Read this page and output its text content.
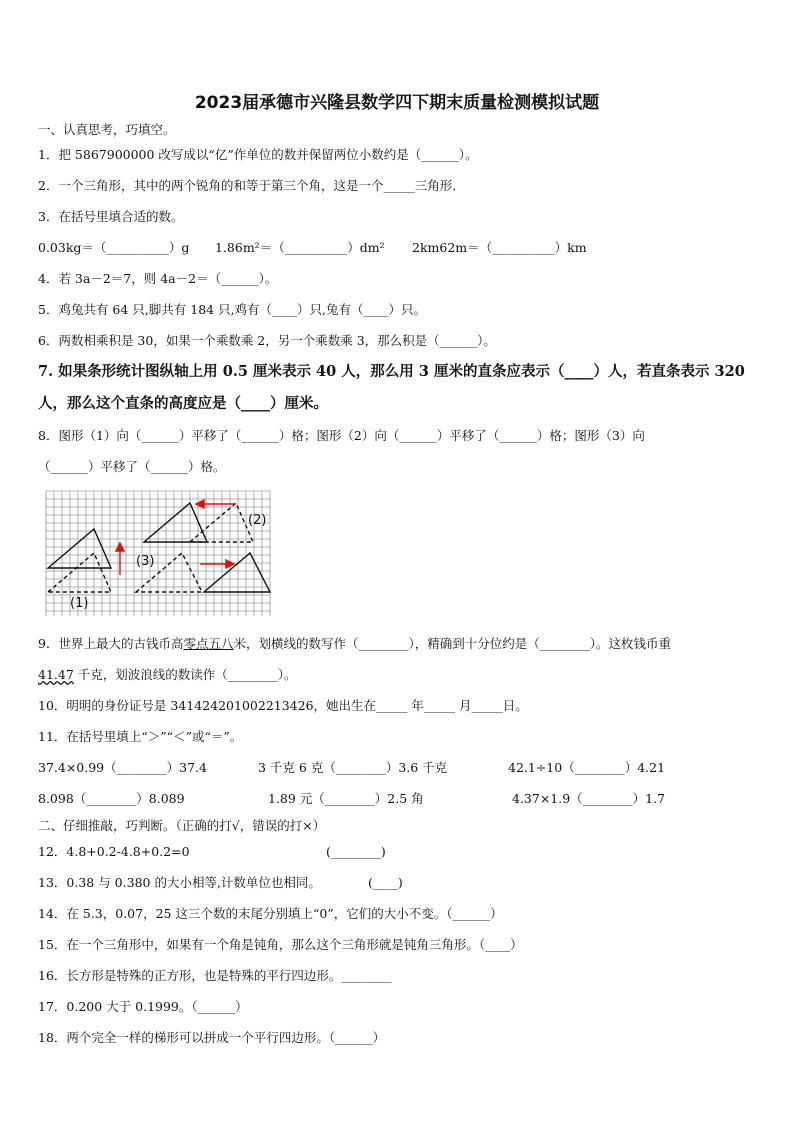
2023届承德市兴隆县数学四下期末质量检测模拟试题
一、认真思考，巧填空。
1．把 5867900000 改写成以“亿”作单位的数并保留两位小数约是（______）。
2．一个三角形，其中的两个锐角的和等于第三个角，这是一个_____三角形．
3．在括号里填合适的数。
0.03kg＝（__________）g 1.86m²＝（__________）dm² 2km62m＝（__________）km
4．若 3a－2＝7，则 4a－2＝（______）。
5．鸡兔共有 64 只,脚共有 184 只,鸡有（____）只,兔有（____）只。
6．两数相乘积是 30，如果一个乘数乘 2，另一个乘数乘 3，那么积是（______）。
7. 如果条形统计图纵轴上用 0.5 厘米表示 40 人，那么用 3 厘米的直条应表示（____）人，若直条表示 320
人，那么这个直条的高度应是（____）厘米。
8．图形（1）向（______）平移了（______）格；图形（2）向（______）平移了（______）格；图形（3）向
（______）平移了（______）格。
(1)
(2)
(3)
9．世界上最大的古钱币高零点五八米，划横线的数写作（________），精确到十分位约是（________）。这枚钱币重
41.47 千克，划波浪线的数读作（________）。
10．明明的身份证号是 341424201002213426，她出生在_____ 年_____ 月_____日。
11．在括号里填上“＞”“＜”或“＝”。
37.4×0.99（________）37.4	3 千克 6 克（________）3.6 千克	42.1÷10（________）4.21
8.098（________）8.089	1.89 元（________）2.5 角	4.37×1.9（________）1.7
二、仔细推敲，巧判断。（正确的打√，错误的打×）
12．4.8+0.2-4.8+0.2=0	(________)
13．0.38 与 0.380 的大小相等,计数单位也相同。	(____)
14．在 5.3，0.07，25 这三个数的末尾分别填上“0”，它们的大小不变。（______）
15．在一个三角形中，如果有一个角是钝角，那么这个三角形就是钝角三角形。（____）
16．长方形是特殊的正方形，也是特殊的平行四边形。________
17．0.200 大于 0.1999。（______）
18．两个完全一样的梯形可以拼成一个平行四边形。（______）
